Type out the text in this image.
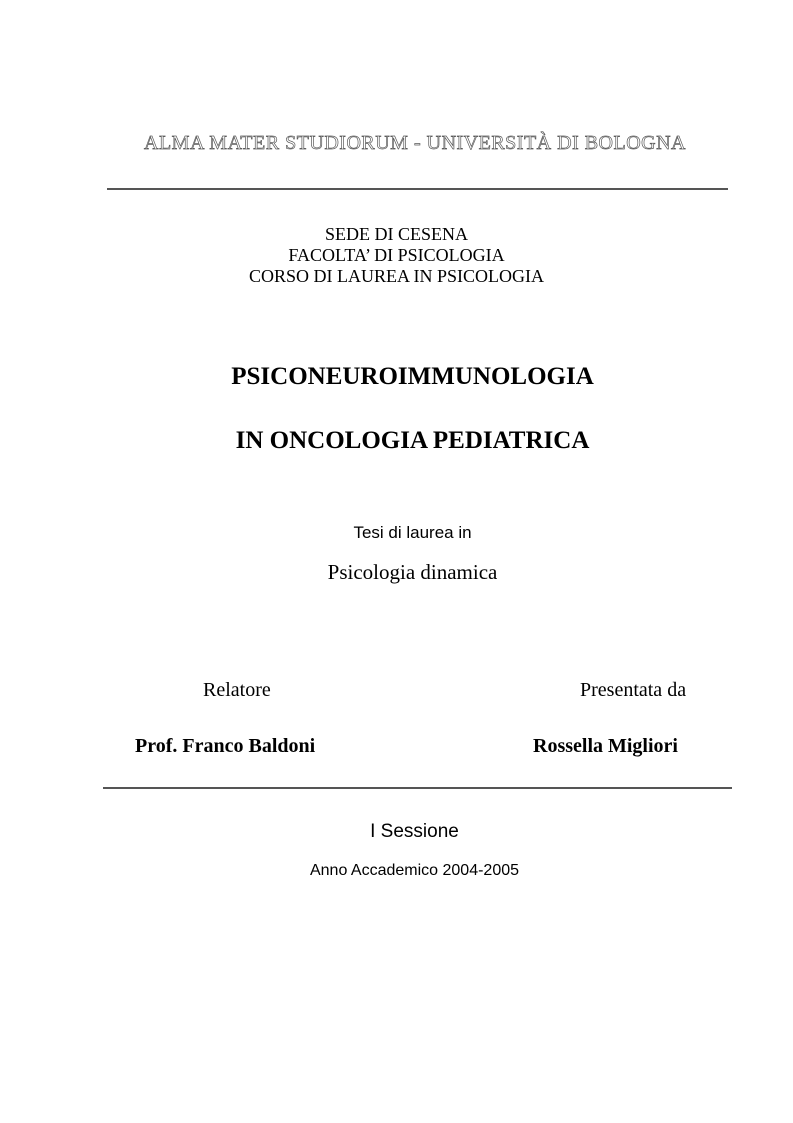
ALMA MATER STUDIORUM - UNIVERSITÀ DI BOLOGNA
SEDE DI CESENA
FACOLTA’ DI PSICOLOGIA
CORSO DI LAUREA IN PSICOLOGIA
PSICONEUROIMMUNOLOGIA
IN ONCOLOGIA PEDIATRICA
Tesi di laurea in
Psicologia dinamica
Relatore	Presentata da
Prof. Franco Baldoni	Rossella Migliori
I Sessione
Anno Accademico 2004-2005
